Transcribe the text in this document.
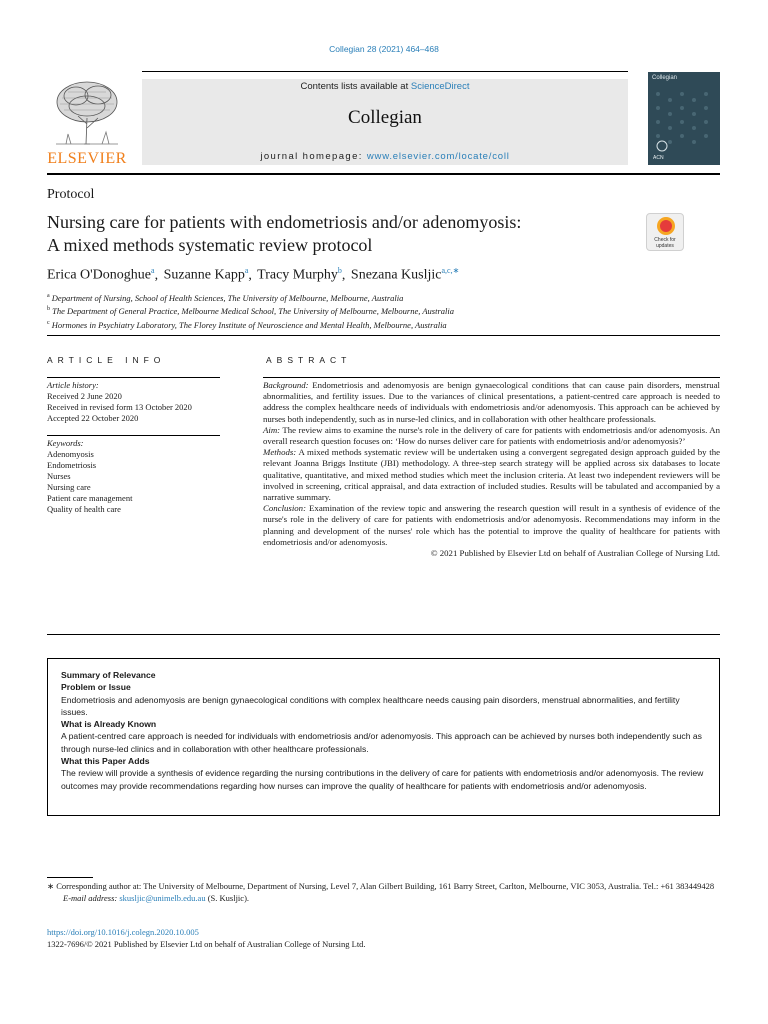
Collegian 28 (2021) 464–468
ELSEVIER
Contents lists available at ScienceDirect
Collegian
journal homepage: www.elsevier.com/locate/coll
Collegian
ACN
Protocol
Nursing care for patients with endometriosis and/or adenomyosis:
A mixed methods systematic review protocol	Check for updates
Erica O'Donoghue$^a$, Suzanne Kapp$^a$, Tracy Murphy$^b$, Snezana Kusljic$^{a,c,∗}$
$^a$ Department of Nursing, School of Health Sciences, The University of Melbourne, Melbourne, Australia
$^b$ The Department of General Practice, Melbourne Medical School, The University of Melbourne, Melbourne, Australia
$^c$ Hormones in Psychiatry Laboratory, The Florey Institute of Neuroscience and Mental Health, Melbourne, Australia
ARTICLE INFO	ABSTRACT
Article history:
Received 2 June 2020
Received in revised form 13 October 2020
Accepted 22 October 2020
Keywords:
Adenomyosis
Endometriosis
Nurses
Nursing care
Patient care management
Quality of health care

Background: Endometriosis and adenomyosis are benign gynaecological conditions that can cause pain disorders, menstrual abnormalities, and fertility issues. Due to the variances of clinical presentations, a patient-centred care approach is needed to address the complex healthcare needs of individuals with endometriosis and/or adenomyosis. This approach can be achieved by nurses both independently, such as in nurse-led clinics, and in collaboration with other healthcare professionals.

Aim: The review aims to examine the nurse's role in the delivery of care for patients with endometriosis and/or adenomyosis. An overall research question focuses on: ‘How do nurses deliver care for patients with endometriosis and/or adenomyosis?’

Methods: A mixed methods systematic review will be undertaken using a convergent segregated design approach guided by the relevant Joanna Briggs Institute (JBI) methodology. A three-step search strategy will be applied across six databases to locate qualitative, quantitative, and mixed method studies which meet the inclusion criteria. At least two independent reviewers will be involved in screening, critical appraisal, and data extraction of included studies. Results will be tabulated and accompanied by a narrative summary.

Conclusion: Examination of the review topic and answering the research question will result in a synthesis of evidence of the nurse's role in the delivery of care for patients with endometriosis and/or adenomyosis. Recommendations may inform in the planning and development of the nurses' role which has the potential to improve the quality of healthcare for patients with endometriosis and/or adenomyosis.

© 2021 Published by Elsevier Ltd on behalf of Australian College of Nursing Ltd.

Summary of Relevance
Problem or Issue
Endometriosis and adenomyosis are benign gynaecological conditions with complex healthcare needs causing pain disorders, menstrual abnormalities, and fertility issues.
What is Already Known
A patient-centred care approach is needed for individuals with endometriosis and/or adenomyosis. This approach can be achieved by nurses both independently such as through nurse-led clinics and in collaboration with other healthcare professionals.
What this Paper Adds
The review will provide a synthesis of evidence regarding the nursing contributions in the delivery of care for patients with endometriosis and/or adenomyosis. The review outcomes may provide recommendations regarding how nurses can improve the quality of healthcare for patients with endometriosis and/or adenomyosis.
∗ Corresponding author at: The University of Melbourne, Department of Nursing, Level 7, Alan Gilbert Building, 161 Barry Street, Carlton, Melbourne, VIC 3053, Australia. Tel.: +61 383449428
E-mail address: skusljic@unimelb.edu.au (S. Kusljic).
https://doi.org/10.1016/j.colegn.2020.10.005
1322-7696/© 2021 Published by Elsevier Ltd on behalf of Australian College of Nursing Ltd.
